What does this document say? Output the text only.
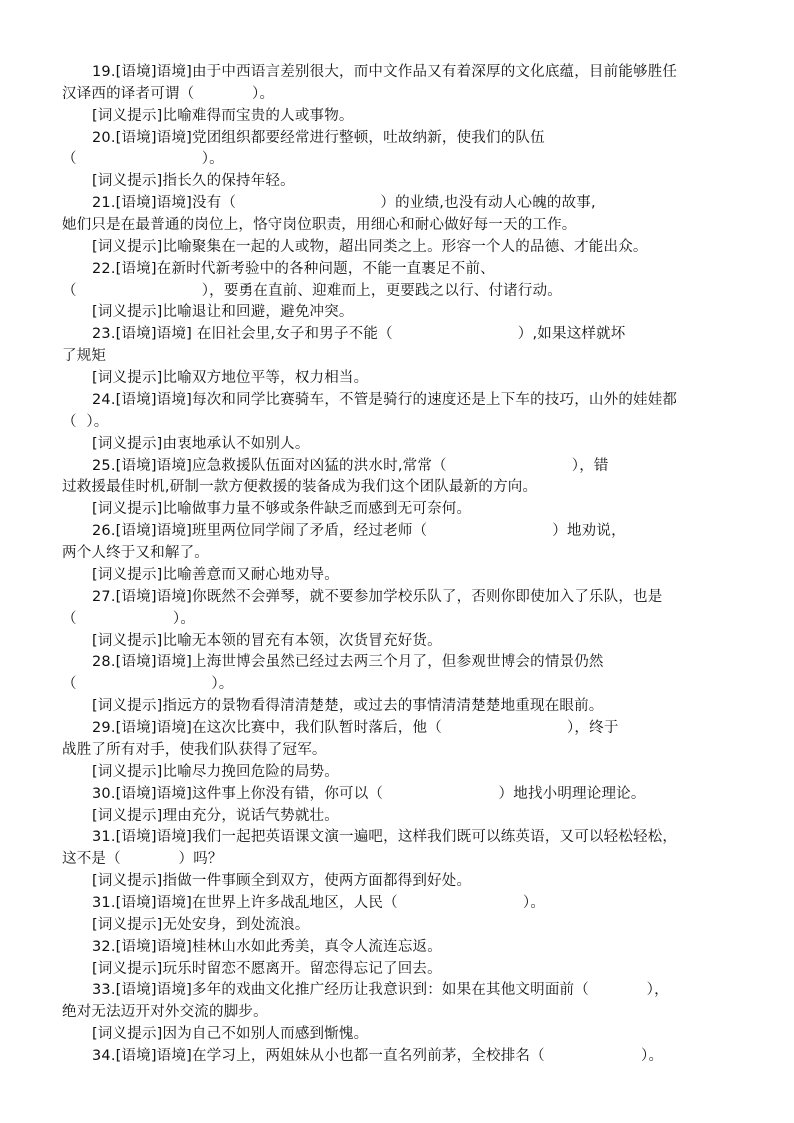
19.[语境]语境]由于中西语言差别很大，而中文作品又有着深厚的文化底蕴，目前能够胜任
汉译西的译者可谓（            ）。
[词义提示]比喻难得而宝贵的人或事物。
20.[语境]语境]党团组织都要经常进行整顿，吐故纳新，使我们的队伍
（                          ）。
[词义提示]指长久的保持年轻。
21.[语境]语境]没有（                              ）的业绩,也没有动人心魄的故事,
她们只是在最普通的岗位上，恪守岗位职责，用细心和耐心做好每一天的工作。
[词义提示]比喻聚集在一起的人或物，超出同类之上。形容一个人的品德、才能出众。
22.[语境]在新时代新考验中的各种问题，不能一直裹足不前、
（                          ），要勇在直前、迎难而上，更要践之以行、付诸行动。
[词义提示]比喻退让和回避，避免冲突。
23.[语境]语境] 在旧社会里,女子和男子不能（                          ）,如果这样就坏
了规矩
[词义提示]比喻双方地位平等，权力相当。
24.[语境]语境]每次和同学比赛骑车，不管是骑行的速度还是上下车的技巧，山外的娃娃都
（  ）。
[词义提示]由衷地承认不如别人。
25.[语境]语境]应急救援队伍面对凶猛的洪水时,常常（                          ），错
过救援最佳时机,研制一款方便救援的装备成为我们这个团队最新的方向。
[词义提示]比喻做事力量不够或条件缺乏而感到无可奈何。
26.[语境]语境]班里两位同学闹了矛盾，经过老师（                          ）地劝说，
两个人终于又和解了。
[词义提示]比喻善意而又耐心地劝导。
27.[语境]语境]你既然不会弹琴，就不要参加学校乐队了，否则你即使加入了乐队，也是
（                    ）。
[词义提示]比喻无本领的冒充有本领，次货冒充好货。
28.[语境]语境]上海世博会虽然已经过去两三个月了，但参观世博会的情景仍然
（                            ）。
[词义提示]指远方的景物看得清清楚楚，或过去的事情清清楚楚地重现在眼前。
29.[语境]语境]在这次比赛中，我们队暂时落后，他（                          ），终于
战胜了所有对手，使我们队获得了冠军。
[词义提示]比喻尽力挽回危险的局势。
30.[语境]语境]这件事上你没有错，你可以（                        ）地找小明理论理论。
[词义提示]理由充分，说话气势就壮。
31.[语境]语境]我们一起把英语课文演一遍吧，这样我们既可以练英语，又可以轻松轻松，
这不是（            ）吗？
[词义提示]指做一件事顾全到双方，使两方面都得到好处。
31.[语境]语境]在世界上许多战乱地区，人民（                          ）。
[词义提示]无处安身，到处流浪。
32.[语境]语境]桂林山水如此秀美，真令人流连忘返。
[词义提示]玩乐时留恋不愿离开。留恋得忘记了回去。
33.[语境]语境]多年的戏曲文化推广经历让我意识到：如果在其他文明面前（            ），
绝对无法迈开对外交流的脚步。
[词义提示]因为自己不如别人而感到惭愧。
34.[语境]语境]在学习上，两姐妹从小也都一直名列前茅，全校排名（                    ）。
